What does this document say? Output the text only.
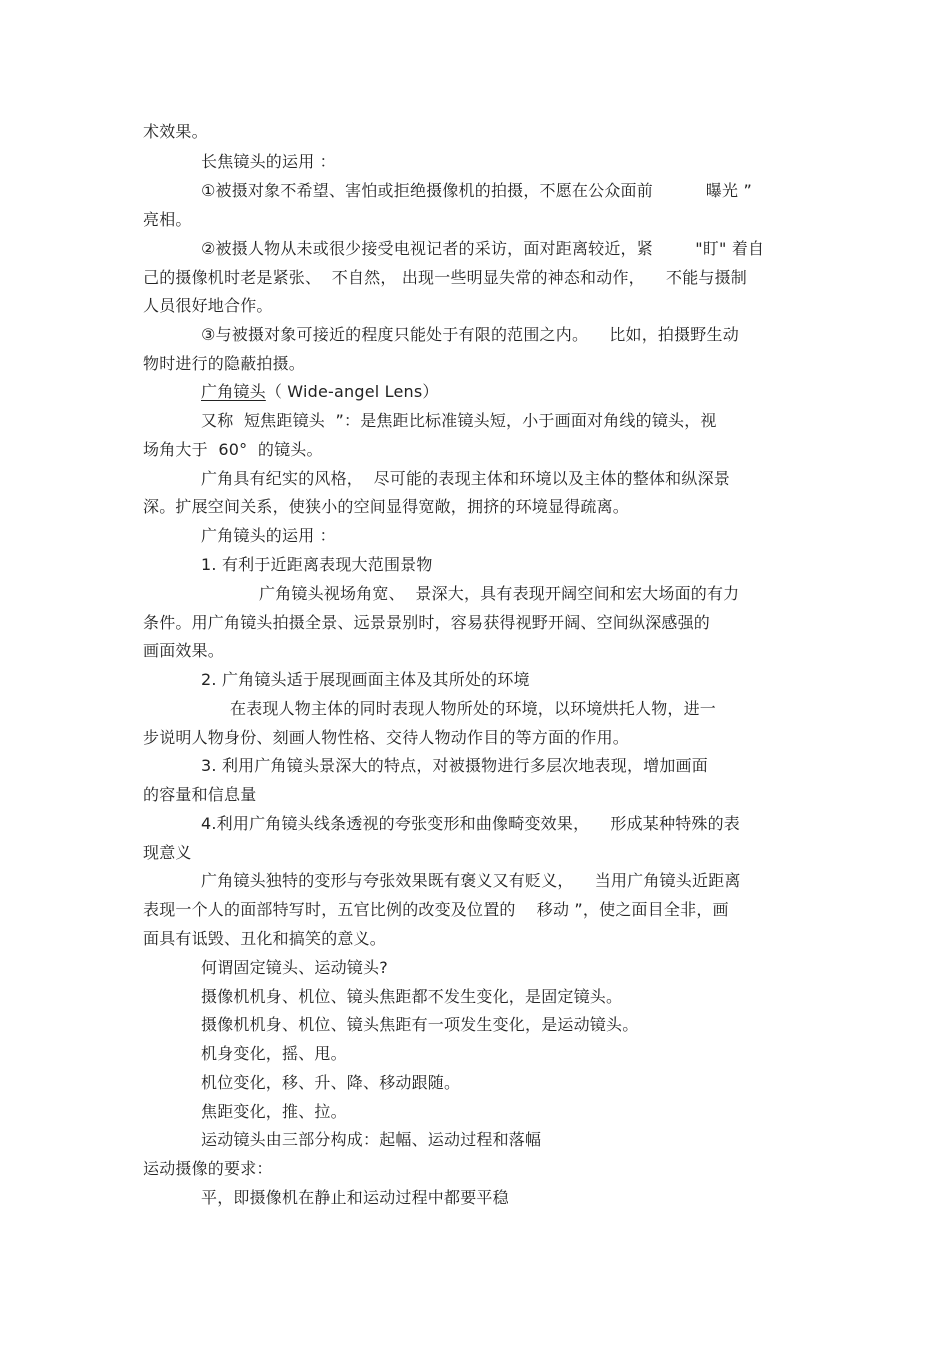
术效果。
长焦镜头的运用 ：
①被摄对象不希望、害怕或拒绝摄像机的拍摄，不愿在公众面前          曝光 ”
亮相。
②被摄人物从未或很少接受电视记者的采访，面对距离较近，紧        "盯" 着自
己的摄像机时老是紧张、  不自然， 出现一些明显失常的神态和动作，    不能与摄制
人员很好地合作。
③与被摄对象可接近的程度只能处于有限的范围之内。    比如，拍摄野生动
物时进行的隐蔽拍摄。
广角镜头（ Wide-angel Lens）
又称  短焦距镜头  ”：是焦距比标准镜头短，小于画面对角线的镜头，视
场角大于  60°  的镜头。
广角具有纪实的风格，  尽可能的表现主体和环境以及主体的整体和纵深景
深。扩展空间关系，使狭小的空间显得宽敞，拥挤的环境显得疏离。
广角镜头的运用 ：
1. 有利于近距离表现大范围景物
广角镜头视场角宽、  景深大，具有表现开阔空间和宏大场面的有力
条件。用广角镜头拍摄全景、远景景别时，容易获得视野开阔、空间纵深感强的
画面效果。
2. 广角镜头适于展现画面主体及其所处的环境
在表现人物主体的同时表现人物所处的环境，以环境烘托人物，进一
步说明人物身份、刻画人物性格、交待人物动作目的等方面的作用。
3. 利用广角镜头景深大的特点，对被摄物进行多层次地表现，增加画面
的容量和信息量
4.利用广角镜头线条透视的夸张变形和曲像畸变效果，    形成某种特殊的表
现意义
广角镜头独特的变形与夸张效果既有褒义又有贬义，    当用广角镜头近距离
表现一个人的面部特写时，五官比例的改变及位置的    移动 ”，使之面目全非，画
面具有诋毁、丑化和搞笑的意义。
何谓固定镜头、运动镜头?
摄像机机身、机位、镜头焦距都不发生变化，是固定镜头。
摄像机机身、机位、镜头焦距有一项发生变化，是运动镜头。
机身变化，摇、甩。
机位变化，移、升、降、移动跟随。
焦距变化，推、拉。
运动镜头由三部分构成：起幅、运动过程和落幅
运动摄像的要求：
平，即摄像机在静止和运动过程中都要平稳
